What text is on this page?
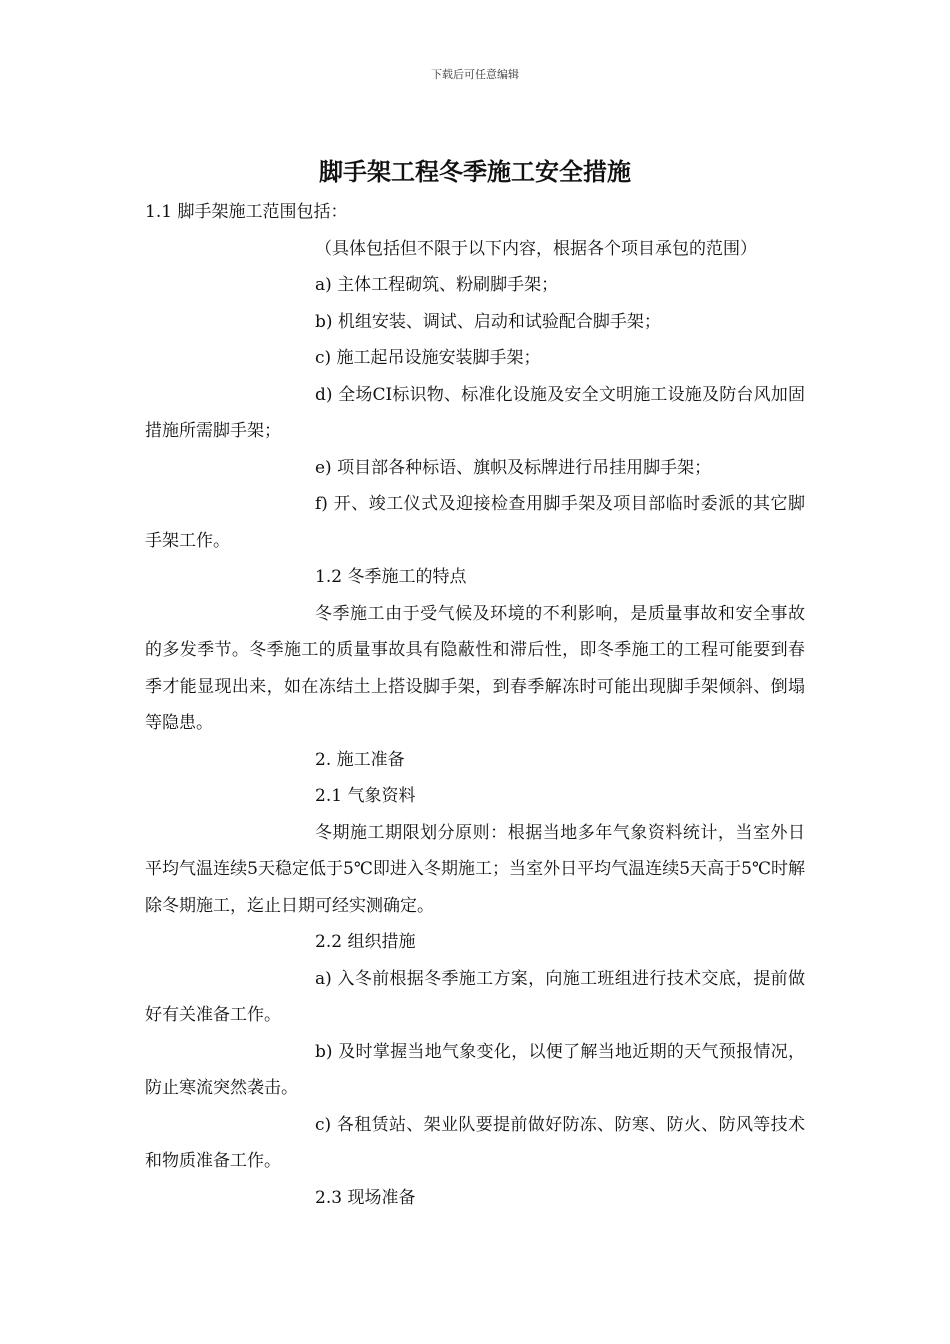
下载后可任意编辑
脚手架工程冬季施工安全措施

1.1 脚手架施工范围包括：

（具体包括但不限于以下内容，根据各个项目承包的范围）

a) 主体工程砌筑、粉刷脚手架；

b) 机组安装、调试、启动和试验配合脚手架；

c) 施工起吊设施安装脚手架；

d) 全场CI标识物、标准化设施及安全文明施工设施及防台风加固措施所需脚手架；

e) 项目部各种标语、旗帜及标牌进行吊挂用脚手架；

f) 开、竣工仪式及迎接检查用脚手架及项目部临时委派的其它脚手架工作。

1.2 冬季施工的特点

冬季施工由于受气候及环境的不利影响，是质量事故和安全事故的多发季节。冬季施工的质量事故具有隐蔽性和滞后性，即冬季施工的工程可能要到春季才能显现出来，如在冻结土上搭设脚手架，到春季解冻时可能出现脚手架倾斜、倒塌等隐患。

2. 施工准备

2.1 气象资料

冬期施工期限划分原则：根据当地多年气象资料统计，当室外日平均气温连续5天稳定低于5℃即进入冬期施工；当室外日平均气温连续5天高于5℃时解除冬期施工，迄止日期可经实测确定。

2.2 组织措施

a) 入冬前根据冬季施工方案，向施工班组进行技术交底，提前做好有关准备工作。

b) 及时掌握当地气象变化，以便了解当地近期的天气预报情况，防止寒流突然袭击。

c) 各租赁站、架业队要提前做好防冻、防寒、防火、防风等技术和物质准备工作。

2.3 现场准备
